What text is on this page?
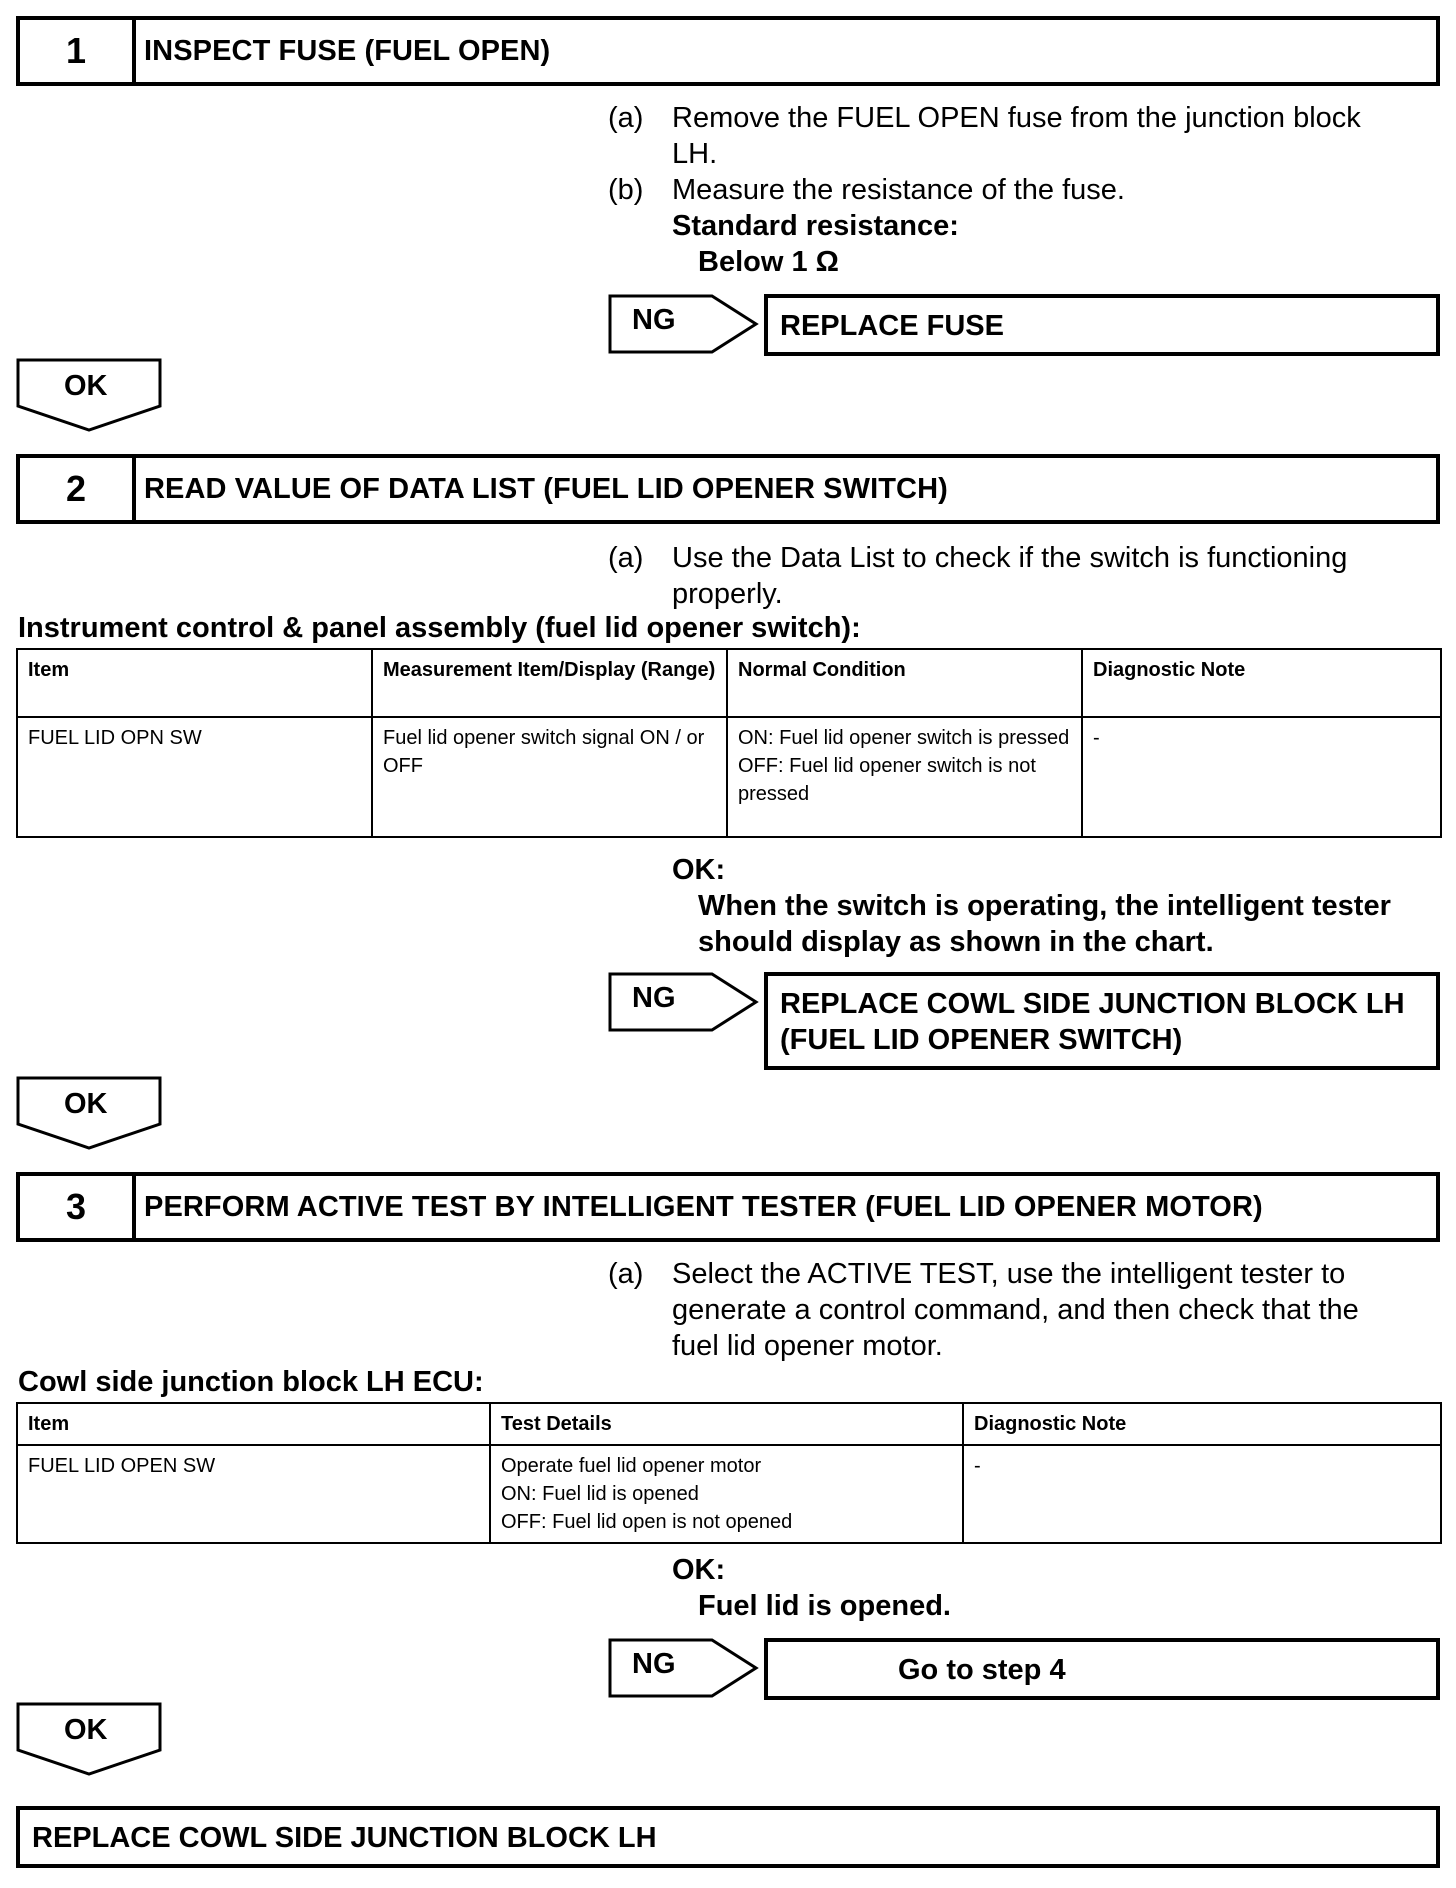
1	INSPECT FUSE (FUEL OPEN)
(a) Remove the FUEL OPEN fuse from the junction block LH.
(b) Measure the resistance of the fuse.
Standard resistance:
Below 1 Ω
NG	REPLACE FUSE
OK
2	READ VALUE OF DATA LIST (FUEL LID OPENER SWITCH)
(a) Use the Data List to check if the switch is functioning properly.
Instrument control & panel assembly (fuel lid opener switch):
Item	Measurement Item/Display (Range)	Normal Condition	Diagnostic Note
FUEL LID OPN SW	Fuel lid opener switch signal ON / or OFF	ON: Fuel lid opener switch is pressed
OFF: Fuel lid opener switch is not pressed	-
OK:
When the switch is operating, the intelligent tester should display as shown in the chart.
NG	REPLACE COWL SIDE JUNCTION BLOCK LH (FUEL LID OPENER SWITCH)
OK
3	PERFORM ACTIVE TEST BY INTELLIGENT TESTER (FUEL LID OPENER MOTOR)
(a) Select the ACTIVE TEST, use the intelligent tester to generate a control command, and then check that the fuel lid opener motor.
Cowl side junction block LH ECU:
Item	Test Details	Diagnostic Note
FUEL LID OPEN SW	Operate fuel lid opener motor
ON: Fuel lid is opened
OFF: Fuel lid open is not opened	-
OK:
Fuel lid is opened.
NG	Go to step 4
OK
REPLACE COWL SIDE JUNCTION BLOCK LH
